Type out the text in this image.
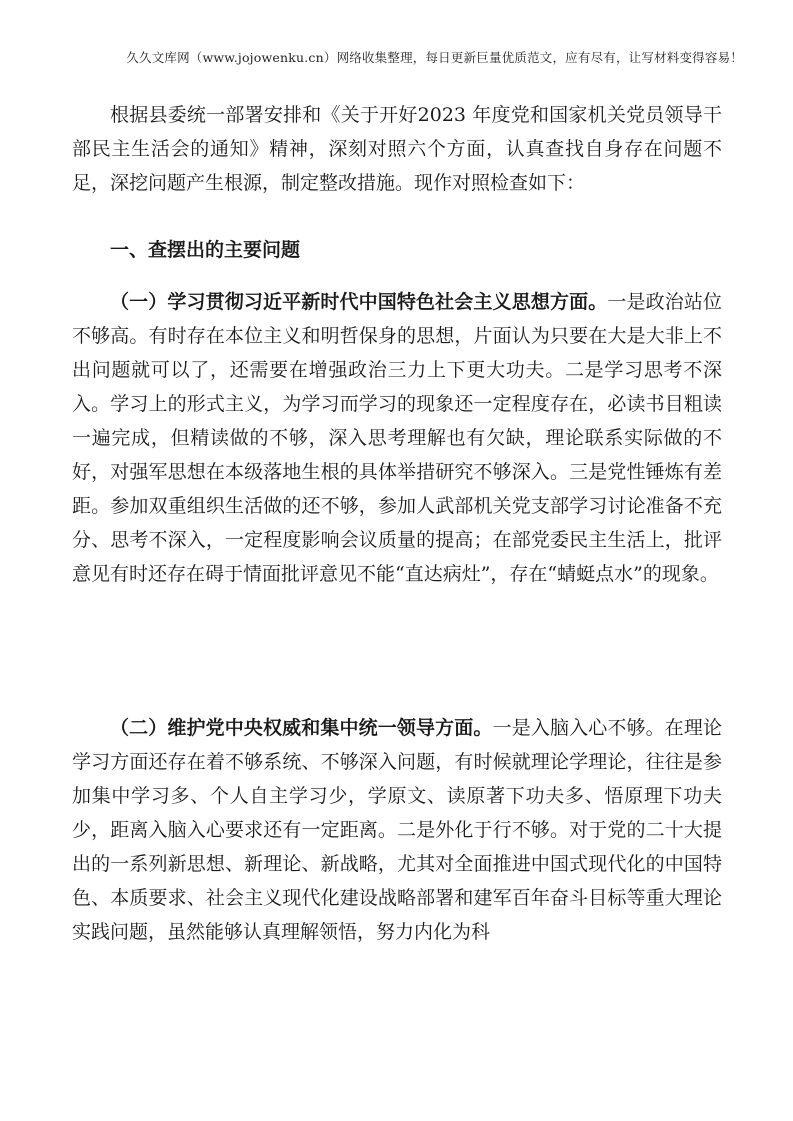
久久文库网（www.jojowenku.cn）网络收集整理，每日更新巨量优质范文，应有尽有，让写材料变得容易！

根据县委统一部署安排和《关于开好2023 年度党和国家机关党员领导干部民主生活会的通知》精神，深刻对照六个方面，认真查找自身存在问题不足，深挖问题产生根源，制定整改措施。现作对照检查如下：

一、查摆出的主要问题

（一）学习贯彻习近平新时代中国特色社会主义思想方面。一是政治站位不够高。有时存在本位主义和明哲保身的思想，片面认为只要在大是大非上不出问题就可以了，还需要在增强政治三力上下更大功夫。二是学习思考不深入。学习上的形式主义，为学习而学习的现象还一定程度存在，必读书目粗读一遍完成，但精读做的不够，深入思考理解也有欠缺，理论联系实际做的不好，对强军思想在本级落地生根的具体举措研究不够深入。三是党性锤炼有差距。参加双重组织生活做的还不够，参加人武部机关党支部学习讨论准备不充分、思考不深入，一定程度影响会议质量的提高；在部党委民主生活上，批评意见有时还存在碍于情面批评意见不能“直达病灶”，存在“蜻蜓点水”的现象。

（二）维护党中央权威和集中统一领导方面。一是入脑入心不够。在理论学习方面还存在着不够系统、不够深入问题，有时候就理论学理论，往往是参加集中学习多、个人自主学习少，学原文、读原著下功夫多、悟原理下功夫少，距离入脑入心要求还有一定距离。二是外化于行不够。对于党的二十大提出的一系列新思想、新理论、新战略，尤其对全面推进中国式现代化的中国特色、本质要求、社会主义现代化建设战略部署和建军百年奋斗目标等重大理论实践问题，虽然能够认真理解领悟，努力内化为科
